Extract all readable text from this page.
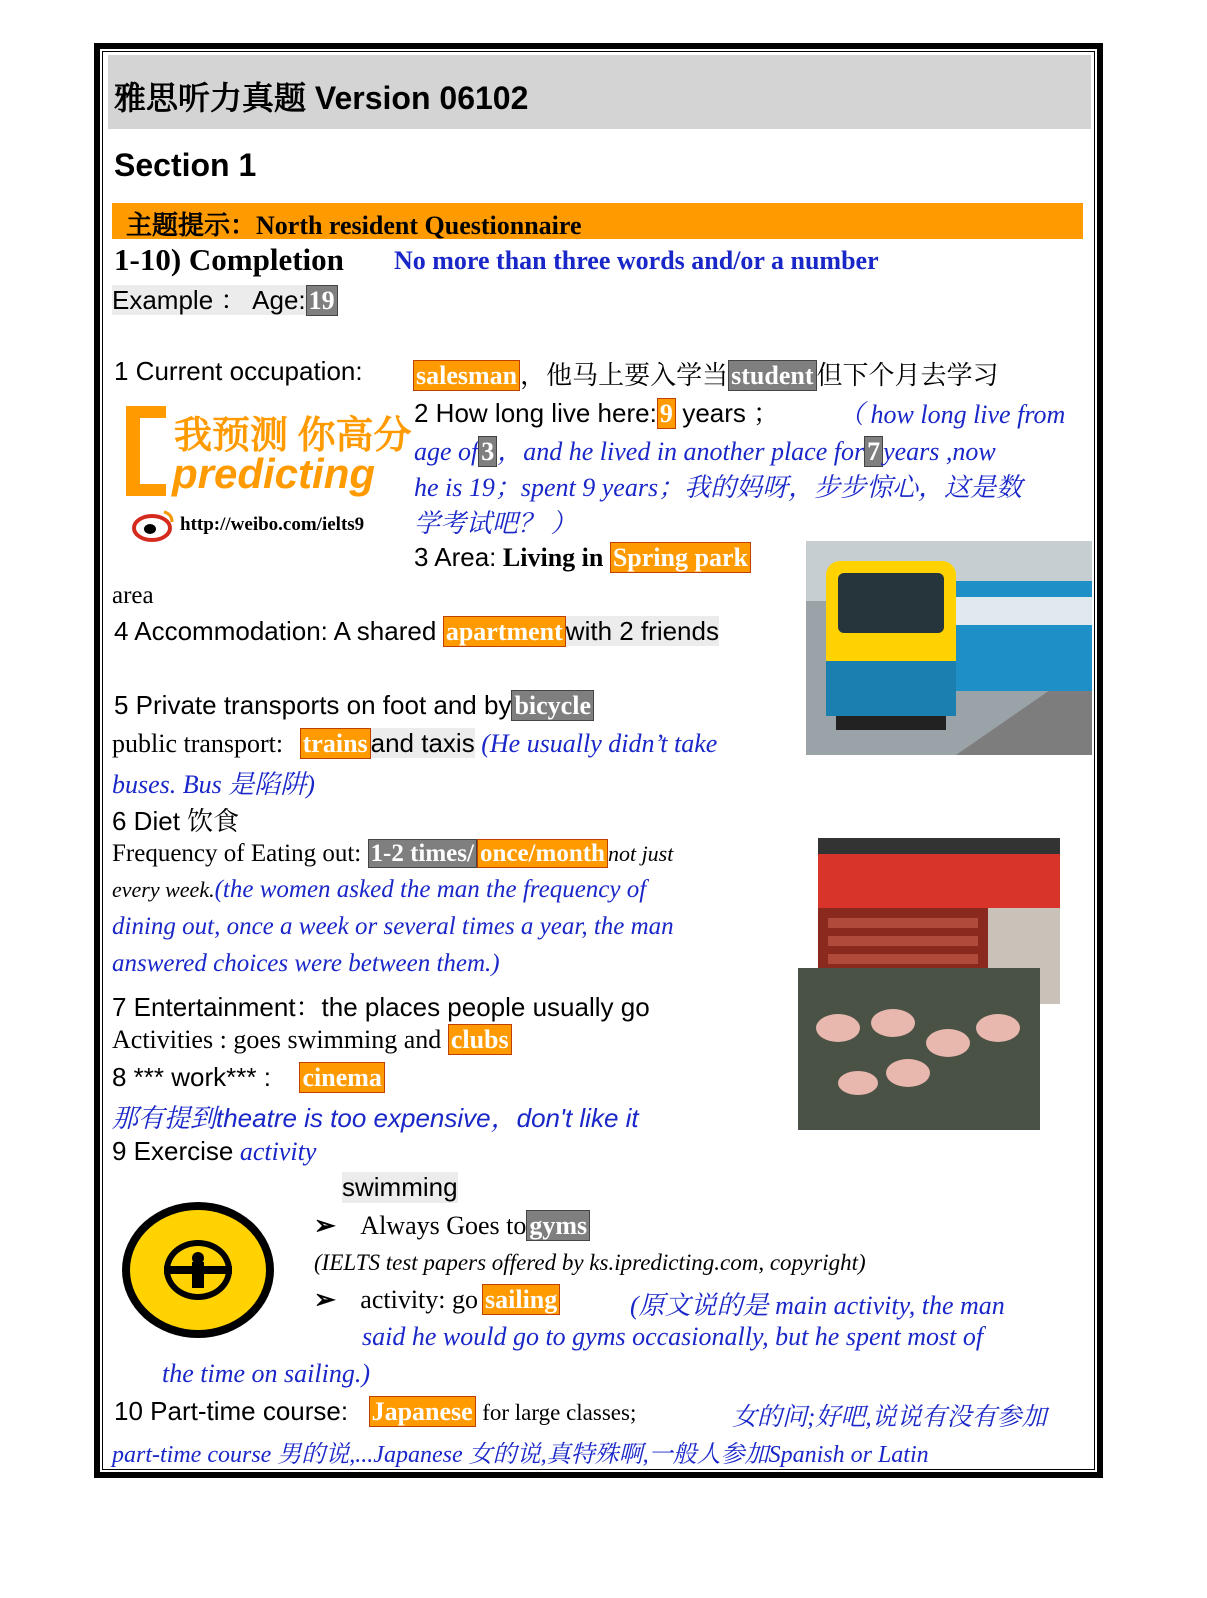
雅思听力真题 Version 06102
Section 1
主题提示：North resident Questionnaire
1-10) Completion No more than three words and/or a number
Example ： Age: 19
1 Current occupation: salesman ，他马上要入学当 student 但下个月去学习
我预测 你高分
predicting
http://weibo.com/ielts9
2 How long live here: 9 years ； （ how long live from
age of 3 ，and he lived in another place for 7 years ,now
he is 19；spent 9 years；我的妈呀，步步惊心，这是数
学考试吧？ ）
3 Area: Living in Spring park
area
4 Accommodation: A shared apartment with 2 friends
5 Private transports on foot and by bicycle
public transport: trains and taxis (He usually didn’t take
buses. Bus 是陷阱)
6 Diet 饮食
Frequency of Eating out: 1-2 times/ once/month not just
every week.(the women asked the man the frequency of
dining out, once a week or several times a year, the man
answered choices were between them.)
7 Entertainment：the places people usually go
Activities : goes swimming and clubs
8 *** work*** : cinema
那有提到theatre is too expensive，don't like it
9 Exercise activity
swimming
➢ Always Goes to gyms
(IELTS test papers offered by ks.ipredicting.com, copyright)
➢ activity: go sailing	(原文说的是 main activity, the man
said he would go to gyms occasionally, but he spent most of
the time on sailing.)
10 Part-time course: Japanese for large classes;	女的问;好吧,说说有没有参加
part-time course 男的说,...Japanese 女的说,真特殊啊,一般人参加Spanish or Latin
